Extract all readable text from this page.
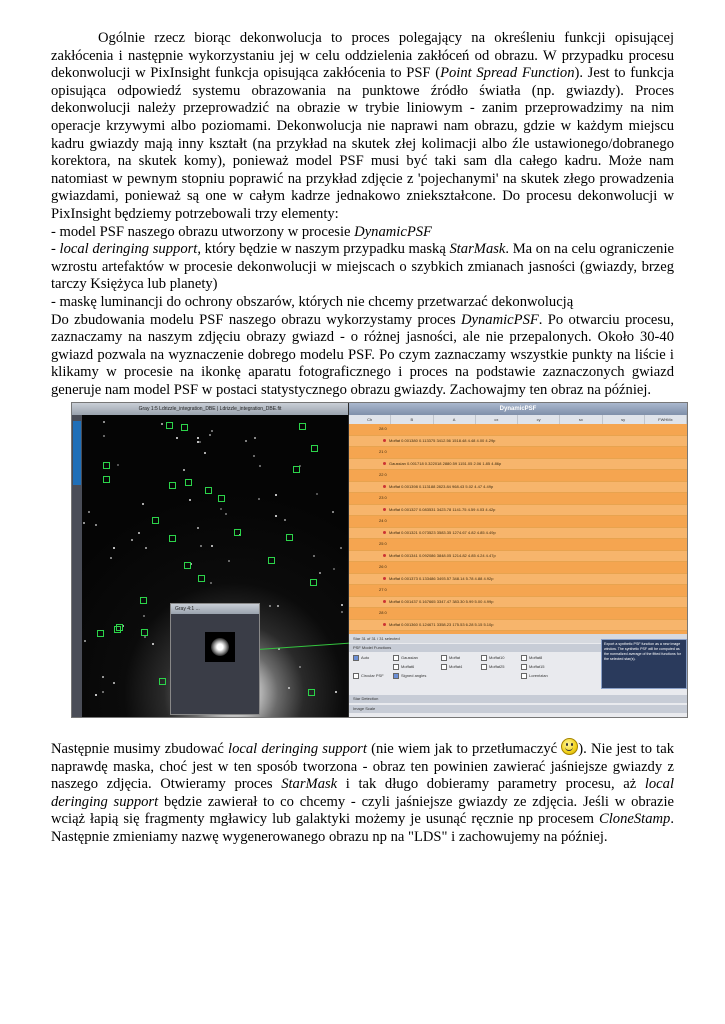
Ogólnie rzecz biorąc dekonwolucja to proces polegający na określeniu funkcji opisującej zakłócenia i następnie wykorzystaniu jej w celu oddzielenia zakłóceń od obrazu. W przypadku procesu dekonwolucji w PixInsight funkcja opisująca zakłócenia to PSF (Point Spread Function). Jest to funkcja opisująca odpowiedź systemu obrazowania na punktowe źródło światła (np. gwiazdy). Proces dekonwolucji należy przeprowadzić na obrazie w trybie liniowym - zanim przeprowadzimy na nim operacje krzywymi albo poziomami. Dekonwolucja nie naprawi nam obrazu, gdzie w każdym miejscu kadru gwiazdy mają inny kształt (na przykład na skutek złej kolimacji albo źle ustawionego/dobranego korektora, na skutek komy), ponieważ model PSF musi być taki sam dla całego kadru. Może nam natomiast w pewnym stopniu poprawić na przykład zdjęcie z 'pojechanymi' na skutek złego prowadzenia gwiazdami, ponieważ są one w całym kadrze jednakowo zniekształcone. Do procesu dekonwolucji w PixInsight będziemy potrzebowali trzy elementy:

- model PSF naszego obrazu utworzony w procesie DynamicPSF

- local deringing support, który będzie w naszym przypadku maską StarMask. Ma on na celu ograniczenie wzrostu artefaktów w procesie dekonwolucji w miejscach o szybkich zmianach jasności (gwiazdy, brzeg tarczy Księżyca lub planety)

- maskę luminancji do ochrony obszarów, których nie chcemy przetwarzać dekonwolucją

Do zbudowania modelu PSF naszego obrazu wykorzystamy proces DynamicPSF. Po otwarciu procesu, zaznaczamy na naszym zdjęciu obrazy gwiazd - o różnej jasności, ale nie przepalonych. Około 30-40 gwiazd pozwala na wyznaczenie dobrego modelu PSF. Po czym zaznaczamy wszystkie punkty na liście i klikamy w procesie na ikonkę aparatu fotograficznego i proces na podstawie zaznaczonych gwiazd generuje nam model PSF w postaci statystycznego obrazu gwiazdy. Zachowajmy ten obraz na później.

Gray 1:5 Ldrizzle_integration_DBE | Ldrizzle_integration_DBE.fit
Gray 4:1 ...
DynamicPSF
Ch	B	A	cx	cy	sx	sy	FWHMx
28 0
Moffat 0.001380 0.113375 3412.56 1518.48 4.48 4.00 4.29p
21 0
Gaussian 0.001718 0.322018 2880.59 1151.05 2.06 1.85 4.86p
22 0
Moffat 0.001398 0.113188 2823.84 968.43 5.02 4.47 4.49p
23 0
Moffat 0.001327 0.083531 3423.78 1141.75 4.59 4.03 4.42p
24 0
Moffat 0.001321 0.073523 3583.35 1274.67 4.82 4.85 4.49p
25 0
Moffat 0.001341 0.092086 3848.05 1214.82 4.85 4.24 4.47p
26 0
Moffat 0.001373 0.133486 3493.57 348.14 5.78 4.88 4.92p
27 0
Moffat 0.001437 0.167665 3347.47 383.30 5.99 5.00 4.99p
28 0
Moffat 0.001360 0.124671 3358.23 175.53 6.28 5.15 5.10p
Star 31 of 31 / 31 selected
PSF Model Functions
Auto	Gaussian	Moffat	Moffat10	Moffat8
Moffat6	Moffat4	Moffat25	Moffat15
Lorentzian
Circular PSF	Signed angles
Star Detection
Image Scale
Export a synthetic PSF function as a new image window. The synthetic PSF will be computed as the normalized average of the fitted functions for the selected star(s).

Następnie musimy zbudować local deringing support (nie wiem jak to przetłumaczyć ). Nie jest to tak naprawdę maska, choć jest w ten sposób tworzona - obraz ten powinien zawierać jaśniejsze gwiazdy z naszego zdjęcia. Otwieramy proces StarMask i tak długo dobieramy parametry procesu, aż local deringing support będzie zawierał to co chcemy - czyli jaśniejsze gwiazdy ze zdjęcia. Jeśli w obrazie wciąż łapią się fragmenty mgławicy lub galaktyki możemy je usunąć ręcznie np procesem CloneStamp. Następnie zmieniamy nazwę wygenerowanego obrazu np na "LDS" i zachowujemy na później.
